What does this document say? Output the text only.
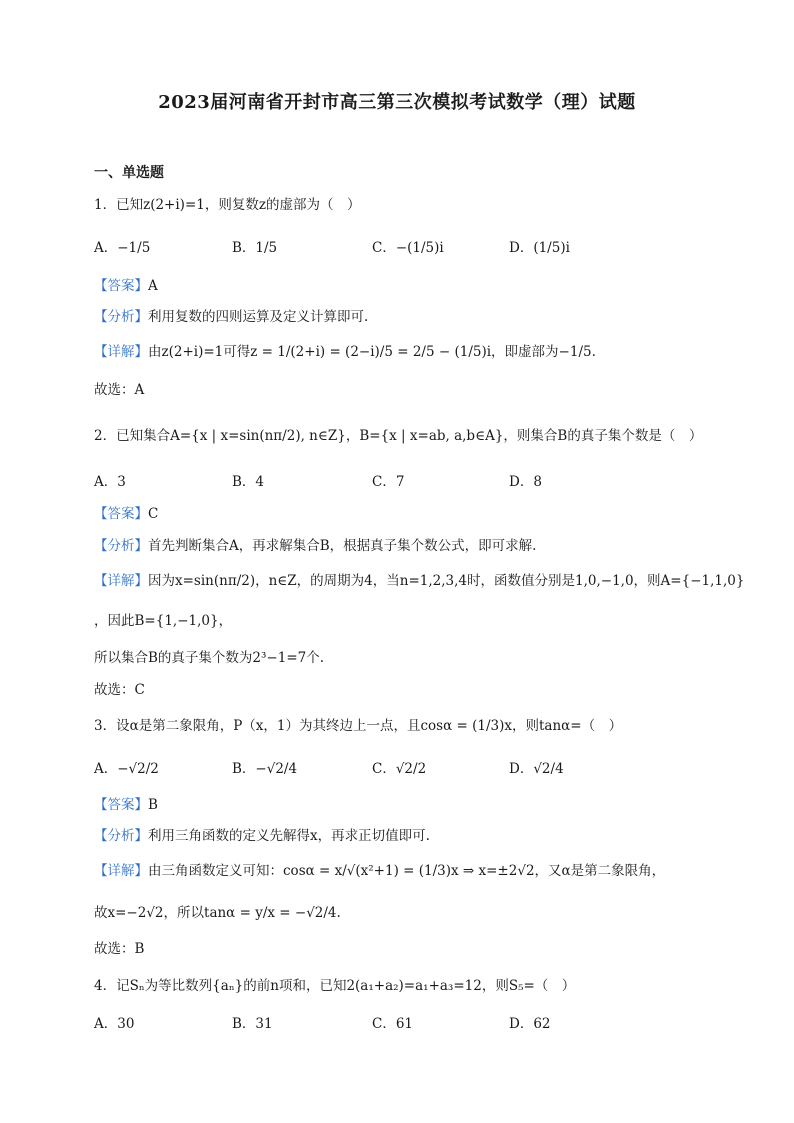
2023届河南省开封市高三第三次模拟考试数学（理）试题
一、单选题
1．已知z(2+i)=1，则复数z的虚部为（　）
A．−1/5	B．1/5	C．−(1/5)i	D．(1/5)i
【答案】A
【分析】利用复数的四则运算及定义计算即可.
【详解】由z(2+i)=1可得z = 1/(2+i) = (2−i)/5 = 2/5 − (1/5)i，即虚部为−1/5.
故选：A
2．已知集合A={x | x=sin(nπ/2), n∈Z}，B={x | x=ab, a,b∈A}，则集合B的真子集个数是（　）
A．3	B．4	C．7	D．8
【答案】C
【分析】首先判断集合A，再求解集合B，根据真子集个数公式，即可求解.
【详解】因为x=sin(nπ/2)，n∈Z，的周期为4，当n=1,2,3,4时，函数值分别是1,0,−1,0，则A={−1,1,0}
，因此B={1,−1,0}，
所以集合B的真子集个数为2³−1=7个.
故选：C
3．设α是第二象限角，P（x，1）为其终边上一点，且cosα = (1/3)x，则tanα=（　）
A．−√2/2	B．−√2/4	C．√2/2	D．√2/4
【答案】B
【分析】利用三角函数的定义先解得x，再求正切值即可.
【详解】由三角函数定义可知：cosα = x/√(x²+1) = (1/3)x ⇒ x=±2√2，又α是第二象限角，
故x=−2√2，所以tanα = y/x = −√2/4.
故选：B
4．记Sₙ为等比数列{aₙ}的前n项和，已知2(a₁+a₂)=a₁+a₃=12，则S₅=（　）
A．30	B．31	C．61	D．62
